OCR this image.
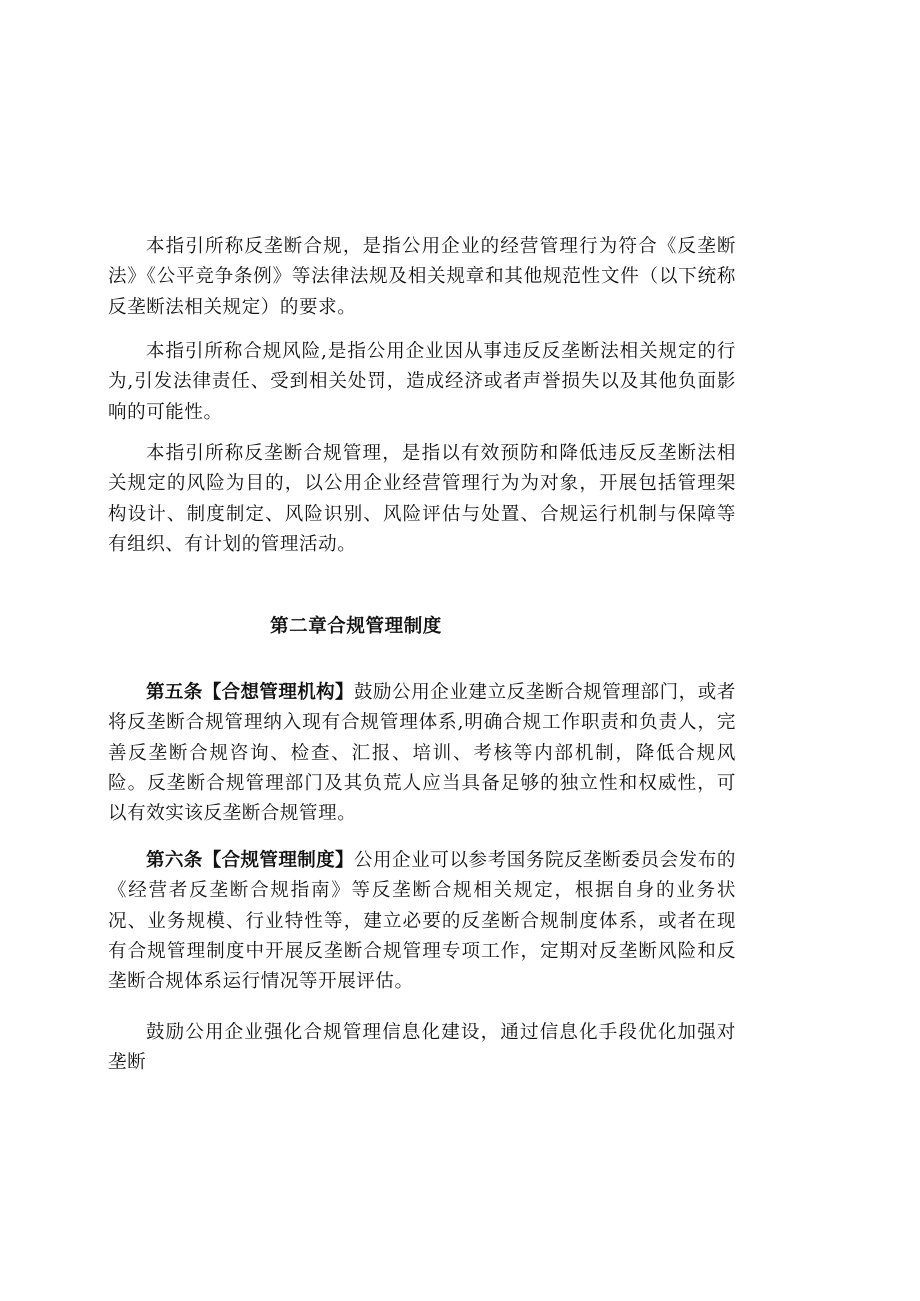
本指引所称反垄断合规，是指公用企业的经营管理行为符合《反垄断法》《公平竞争条例》等法律法规及相关规章和其他规范性文件（以下统称反垄断法相关规定）的要求。

本指引所称合规风险,是指公用企业因从事违反反垄断法相关规定的行为,引发法律责任、受到相关处罚，造成经济或者声誉损失以及其他负面影响的可能性。

本指引所称反垄断合规管理，是指以有效预防和降低违反反垄断法相关规定的风险为目的，以公用企业经营管理行为为对象，开展包括管理架构设计、制度制定、风险识别、风险评估与处置、合规运行机制与保障等有组织、有计划的管理活动。

第二章合规管理制度

第五条【合想管理机构】鼓励公用企业建立反垄断合规管理部门，或者将反垄断合规管理纳入现有合规管理体系,明确合规工作职责和负责人，完善反垄断合规咨询、检查、汇报、培训、考核等内部机制，降低合规风险。反垄断合规管理部门及其负荒人应当具备足够的独立性和权威性，可以有效实该反垄断合规管理。

第六条【合规管理制度】公用企业可以参考国务院反垄断委员会发布的《经营者反垄断合规指南》等反垄断合规相关规定，根据自身的业务状况、业务规模、行业特性等，建立必要的反垄断合规制度体系，或者在现有合规管理制度中开展反垄断合规管理专项工作，定期对反垄断风险和反垄断合规体系运行情况等开展评估。

鼓励公用企业强化合规管理信息化建设，通过信息化手段优化加强对垄断
